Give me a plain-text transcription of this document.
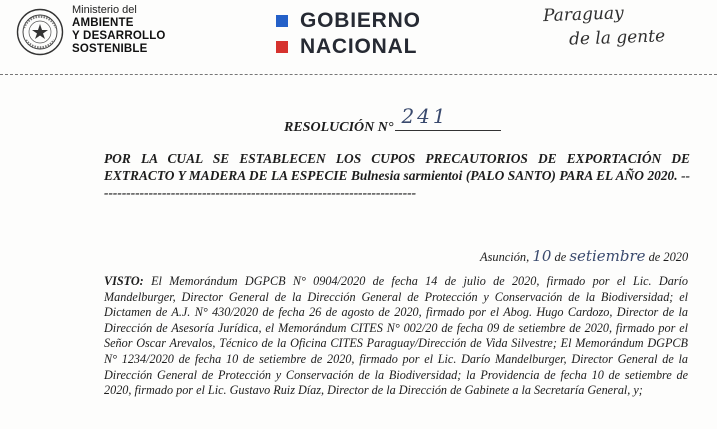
Ministerio del
AMBIENTE
Y DESARROLLO
SOSTENIBLE
GOBIERNO
NACIONAL
Paraguay
de la gente
RESOLUCIÓN N° 241
POR LA CUAL SE ESTABLECEN LOS CUPOS PRECAUTORIOS DE EXPORTACIÓN DE EXTRACTO Y MADERA DE LA ESPECIE Bulnesia sarmientoi (PALO SANTO) PARA EL AÑO 2020. ------------------------------------------------------------------------
Asunción, 10 de setiembre de 2020
VISTO: El Memorándum DGPCB N° 0904/2020 de fecha 14 de julio de 2020, firmado por el Lic. Darío Mandelburger, Director General de la Dirección General de Protección y Conservación de la Biodiversidad; el Dictamen de A.J. N° 430/2020 de fecha 26 de agosto de 2020, firmado por el Abog. Hugo Cardozo, Director de la Dirección de Asesoría Jurídica, el Memorándum CITES N° 002/20 de fecha 09 de setiembre de 2020, firmado por el Señor Oscar Arevalos, Técnico de la Oficina CITES Paraguay/Dirección de Vida Silvestre; El Memorándum DGPCB N° 1234/2020 de fecha 10 de setiembre de 2020, firmado por el Lic. Darío Mandelburger, Director General de la Dirección General de Protección y Conservación de la Biodiversidad; la Providencia de fecha 10 de setiembre de 2020, firmado por el Lic. Gustavo Ruiz Díaz, Director de la Dirección de Gabinete a la Secretaría General, y;
